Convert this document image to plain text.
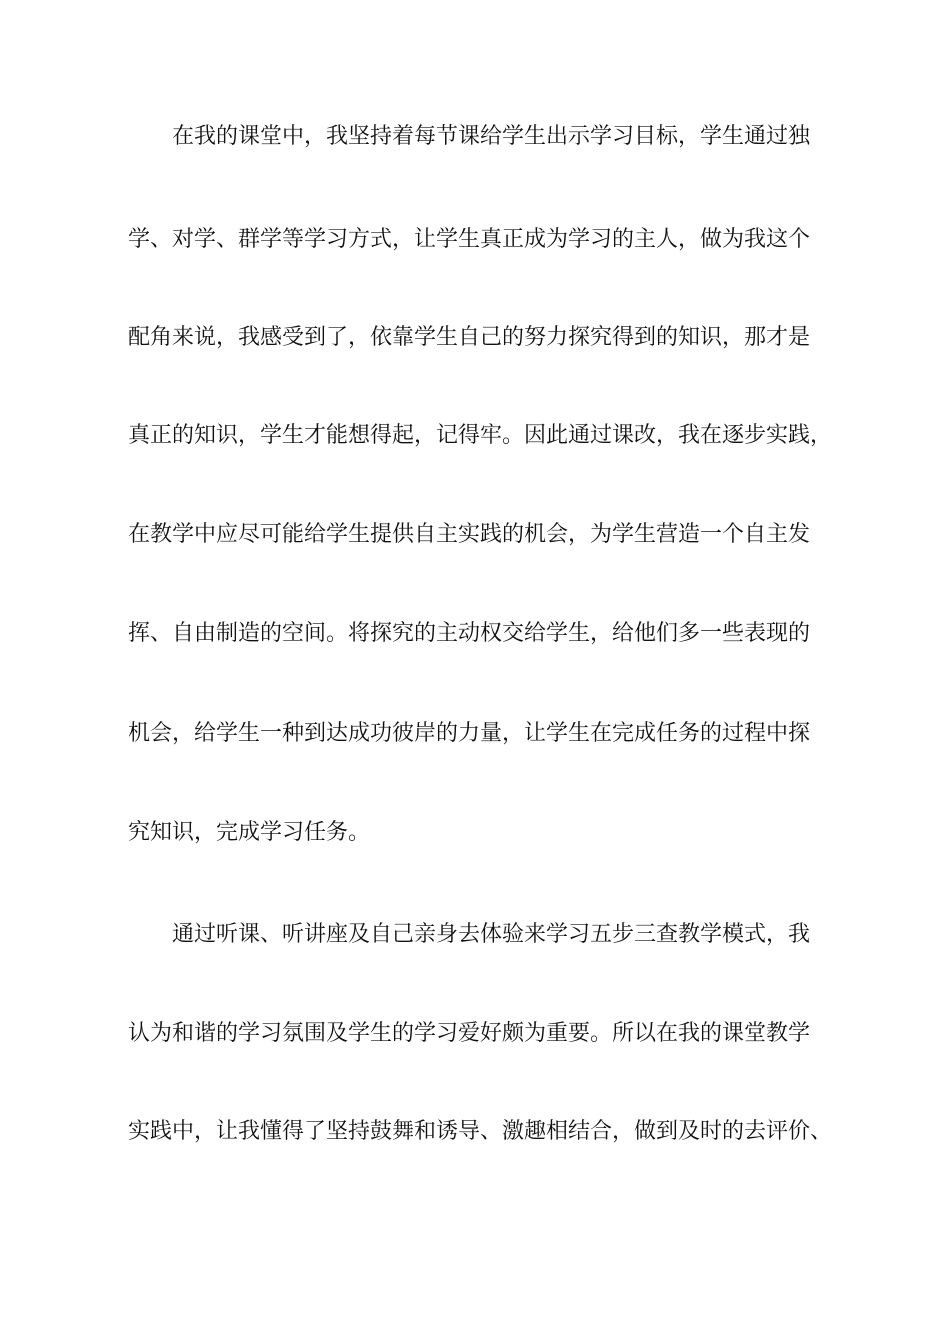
在我的课堂中，我坚持着每节课给学生出示学习目标，学生通过独
学、对学、群学等学习方式，让学生真正成为学习的主人，做为我这个
配角来说，我感受到了，依靠学生自己的努力探究得到的知识，那才是
真正的知识，学生才能想得起，记得牢。因此通过课改，我在逐步实践，
在教学中应尽可能给学生提供自主实践的机会，为学生营造一个自主发
挥、自由制造的空间。将探究的主动权交给学生，给他们多一些表现的
机会，给学生一种到达成功彼岸的力量，让学生在完成任务的过程中探
究知识，完成学习任务。
通过听课、听讲座及自己亲身去体验来学习五步三查教学模式，我
认为和谐的学习氛围及学生的学习爱好颇为重要。所以在我的课堂教学
实践中，让我懂得了坚持鼓舞和诱导、激趣相结合，做到及时的去评价、
